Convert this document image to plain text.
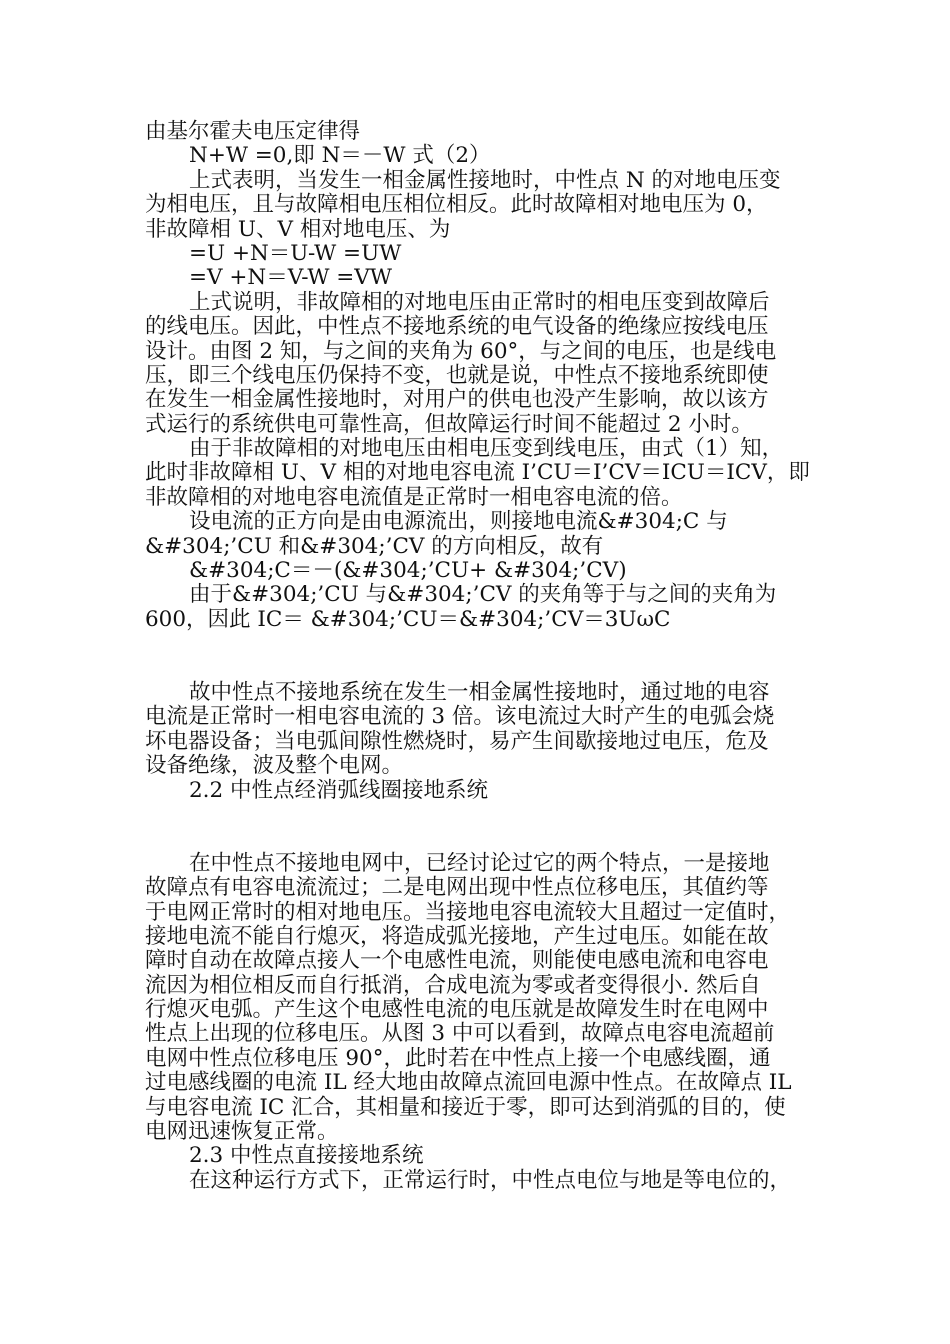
由基尔霍夫电压定律得
N+W =0,即 N＝－W 式（2）
上式表明，当发生一相金属性接地时，中性点 N 的对地电压变
为相电压，且与故障相电压相位相反。此时故障相对地电压为 0，
非故障相 U、V 相对地电压、为
=U +N＝U-W =UW
=V +N＝V-W =VW
上式说明，非故障相的对地电压由正常时的相电压变到故障后
的线电压。因此，中性点不接地系统的电气设备的绝缘应按线电压
设计。由图 2 知，与之间的夹角为 60°，与之间的电压，也是线电
压，即三个线电压仍保持不变，也就是说，中性点不接地系统即使
在发生一相金属性接地时，对用户的供电也没产生影响，故以该方
式运行的系统供电可靠性高，但故障运行时间不能超过 2 小时。
由于非故障相的对地电压由相电压变到线电压，由式（1）知，
此时非故障相 U、V 相的对地电容电流 I’CU＝I’CV＝ICU＝ICV，即
非故障相的对地电容电流值是正常时一相电容电流的倍。
设电流的正方向是由电源流出，则接地电流&#304;C 与
&#304;’CU 和&#304;’CV 的方向相反，故有
&#304;C＝－(&#304;’CU+ &#304;’CV)
由于&#304;’CU 与&#304;’CV 的夹角等于与之间的夹角为
600，因此 IC＝ &#304;’CU＝&#304;’CV＝3UωC
故中性点不接地系统在发生一相金属性接地时，通过地的电容
电流是正常时一相电容电流的 3 倍。该电流过大时产生的电弧会烧
坏电器设备；当电弧间隙性燃烧时，易产生间歇接地过电压，危及
设备绝缘，波及整个电网。
2.2 中性点经消弧线圈接地系统
在中性点不接地电网中，已经讨论过它的两个特点，一是接地
故障点有电容电流流过；二是电网出现中性点位移电压，其值约等
于电网正常时的相对地电压。当接地电容电流较大且超过一定值时，
接地电流不能自行熄灭，将造成弧光接地，产生过电压。如能在故
障时自动在故障点接人一个电感性电流，则能使电感电流和电容电
流因为相位相反而自行抵消，合成电流为零或者变得很小. 然后自
行熄灭电弧。产生这个电感性电流的电压就是故障发生时在电网中
性点上出现的位移电压。从图 3 中可以看到，故障点电容电流超前
电网中性点位移电压 90°，此时若在中性点上接一个电感线圈，通
过电感线圈的电流 IL 经大地由故障点流回电源中性点。在故障点 IL
与电容电流 IC 汇合，其相量和接近于零，即可达到消弧的目的，使
电网迅速恢复正常。
2.3 中性点直接接地系统
在这种运行方式下，正常运行时，中性点电位与地是等电位的，
